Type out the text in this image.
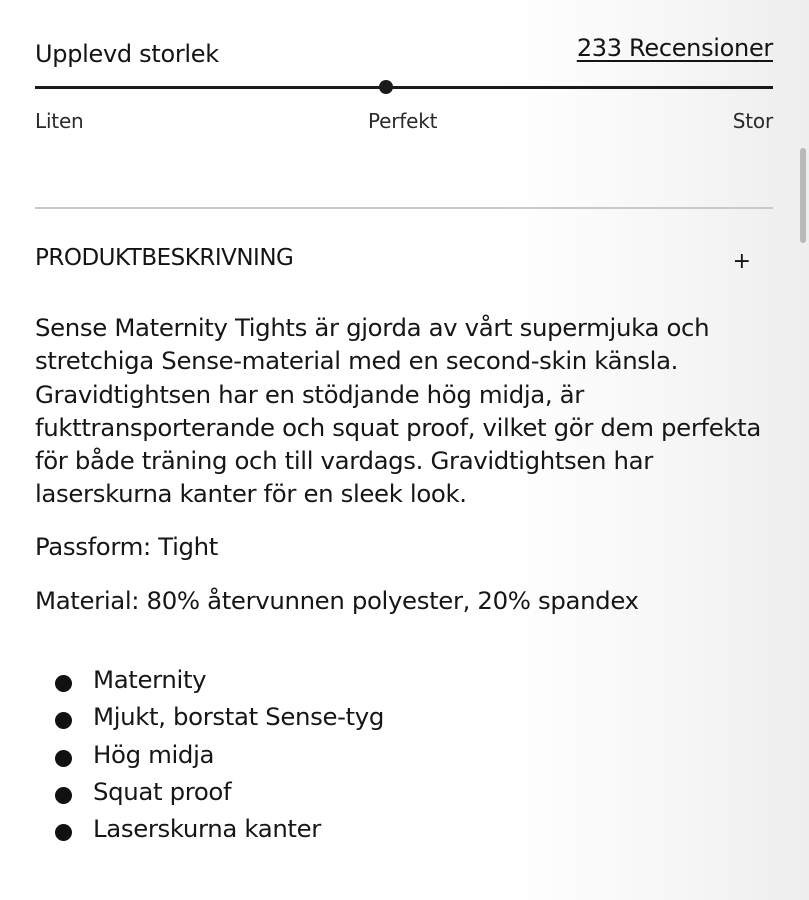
Upplevd storlek	233 Recensioner
Liten	Perfekt	Stor
PRODUKTBESKRIVNING	+

Sense Maternity Tights är gjorda av vårt supermjuka och stretchiga Sense-material med en second-skin känsla. Gravidtightsen har en stödjande hög midja, är fukttransporterande och squat proof, vilket gör dem perfekta för både träning och till vardags. Gravidtightsen har laserskurna kanter för en sleek look.

Passform: Tight

Material: 80% återvunnen polyester, 20% spandex

Maternity
Mjukt, borstat Sense-tyg
Hög midja
Squat proof
Laserskurna kanter
